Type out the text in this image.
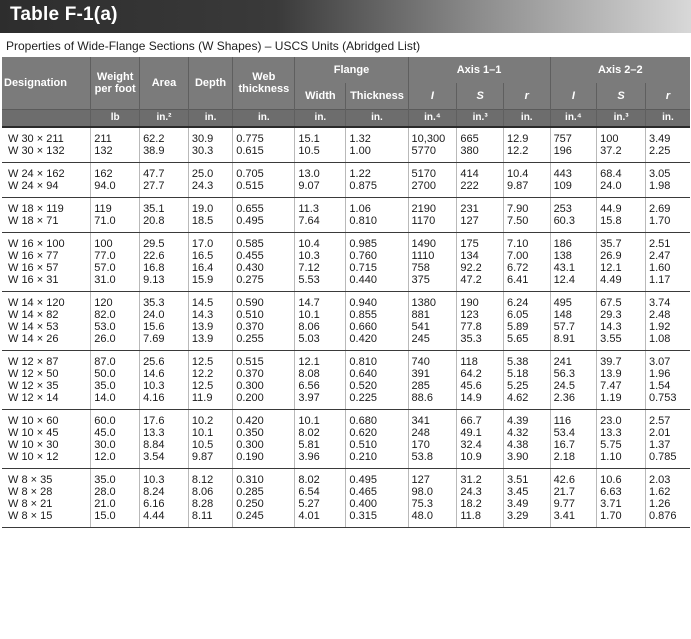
Table F-1(a)
Properties of Wide-Flange Sections (W Shapes) – USCS Units (Abridged List)
Designation	Weight per foot	Area	Depth	Web thickness	Flange		Axis 1–1			Axis 2–2		
					Width	Thickness	I	S	r	I	S	r
	lb	in.²	in.	in.	in.	in.	in.⁴	in.³	in.	in.⁴	in.³	in.
W 30 × 211	211	62.2	30.9	0.775	15.1	1.32	10,300	665	12.9	757	100	3.49
W 30 × 132	132	38.9	30.3	0.615	10.5	1.00	5770	380	12.2	196	37.2	2.25
W 24 × 162	162	47.7	25.0	0.705	13.0	1.22	5170	414	10.4	443	68.4	3.05
W 24 × 94	94.0	27.7	24.3	0.515	9.07	0.875	2700	222	9.87	109	24.0	1.98
W 18 × 119	119	35.1	19.0	0.655	11.3	1.06	2190	231	7.90	253	44.9	2.69
W 18 × 71	71.0	20.8	18.5	0.495	7.64	0.810	1170	127	7.50	60.3	15.8	1.70
W 16 × 100	100	29.5	17.0	0.585	10.4	0.985	1490	175	7.10	186	35.7	2.51
W 16 × 77	77.0	22.6	16.5	0.455	10.3	0.760	1110	134	7.00	138	26.9	2.47
W 16 × 57	57.0	16.8	16.4	0.430	7.12	0.715	758	92.2	6.72	43.1	12.1	1.60
W 16 × 31	31.0	9.13	15.9	0.275	5.53	0.440	375	47.2	6.41	12.4	4.49	1.17
W 14 × 120	120	35.3	14.5	0.590	14.7	0.940	1380	190	6.24	495	67.5	3.74
W 14 × 82	82.0	24.0	14.3	0.510	10.1	0.855	881	123	6.05	148	29.3	2.48
W 14 × 53	53.0	15.6	13.9	0.370	8.06	0.660	541	77.8	5.89	57.7	14.3	1.92
W 14 × 26	26.0	7.69	13.9	0.255	5.03	0.420	245	35.3	5.65	8.91	3.55	1.08
W 12 × 87	87.0	25.6	12.5	0.515	12.1	0.810	740	118	5.38	241	39.7	3.07
W 12 × 50	50.0	14.6	12.2	0.370	8.08	0.640	391	64.2	5.18	56.3	13.9	1.96
W 12 × 35	35.0	10.3	12.5	0.300	6.56	0.520	285	45.6	5.25	24.5	7.47	1.54
W 12 × 14	14.0	4.16	11.9	0.200	3.97	0.225	88.6	14.9	4.62	2.36	1.19	0.753
W 10 × 60	60.0	17.6	10.2	0.420	10.1	0.680	341	66.7	4.39	116	23.0	2.57
W 10 × 45	45.0	13.3	10.1	0.350	8.02	0.620	248	49.1	4.32	53.4	13.3	2.01
W 10 × 30	30.0	8.84	10.5	0.300	5.81	0.510	170	32.4	4.38	16.7	5.75	1.37
W 10 × 12	12.0	3.54	9.87	0.190	3.96	0.210	53.8	10.9	3.90	2.18	1.10	0.785
W 8 × 35	35.0	10.3	8.12	0.310	8.02	0.495	127	31.2	3.51	42.6	10.6	2.03
W 8 × 28	28.0	8.24	8.06	0.285	6.54	0.465	98.0	24.3	3.45	21.7	6.63	1.62
W 8 × 21	21.0	6.16	8.28	0.250	5.27	0.400	75.3	18.2	3.49	9.77	3.71	1.26
W 8 × 15	15.0	4.44	8.11	0.245	4.01	0.315	48.0	11.8	3.29	3.41	1.70	0.876
